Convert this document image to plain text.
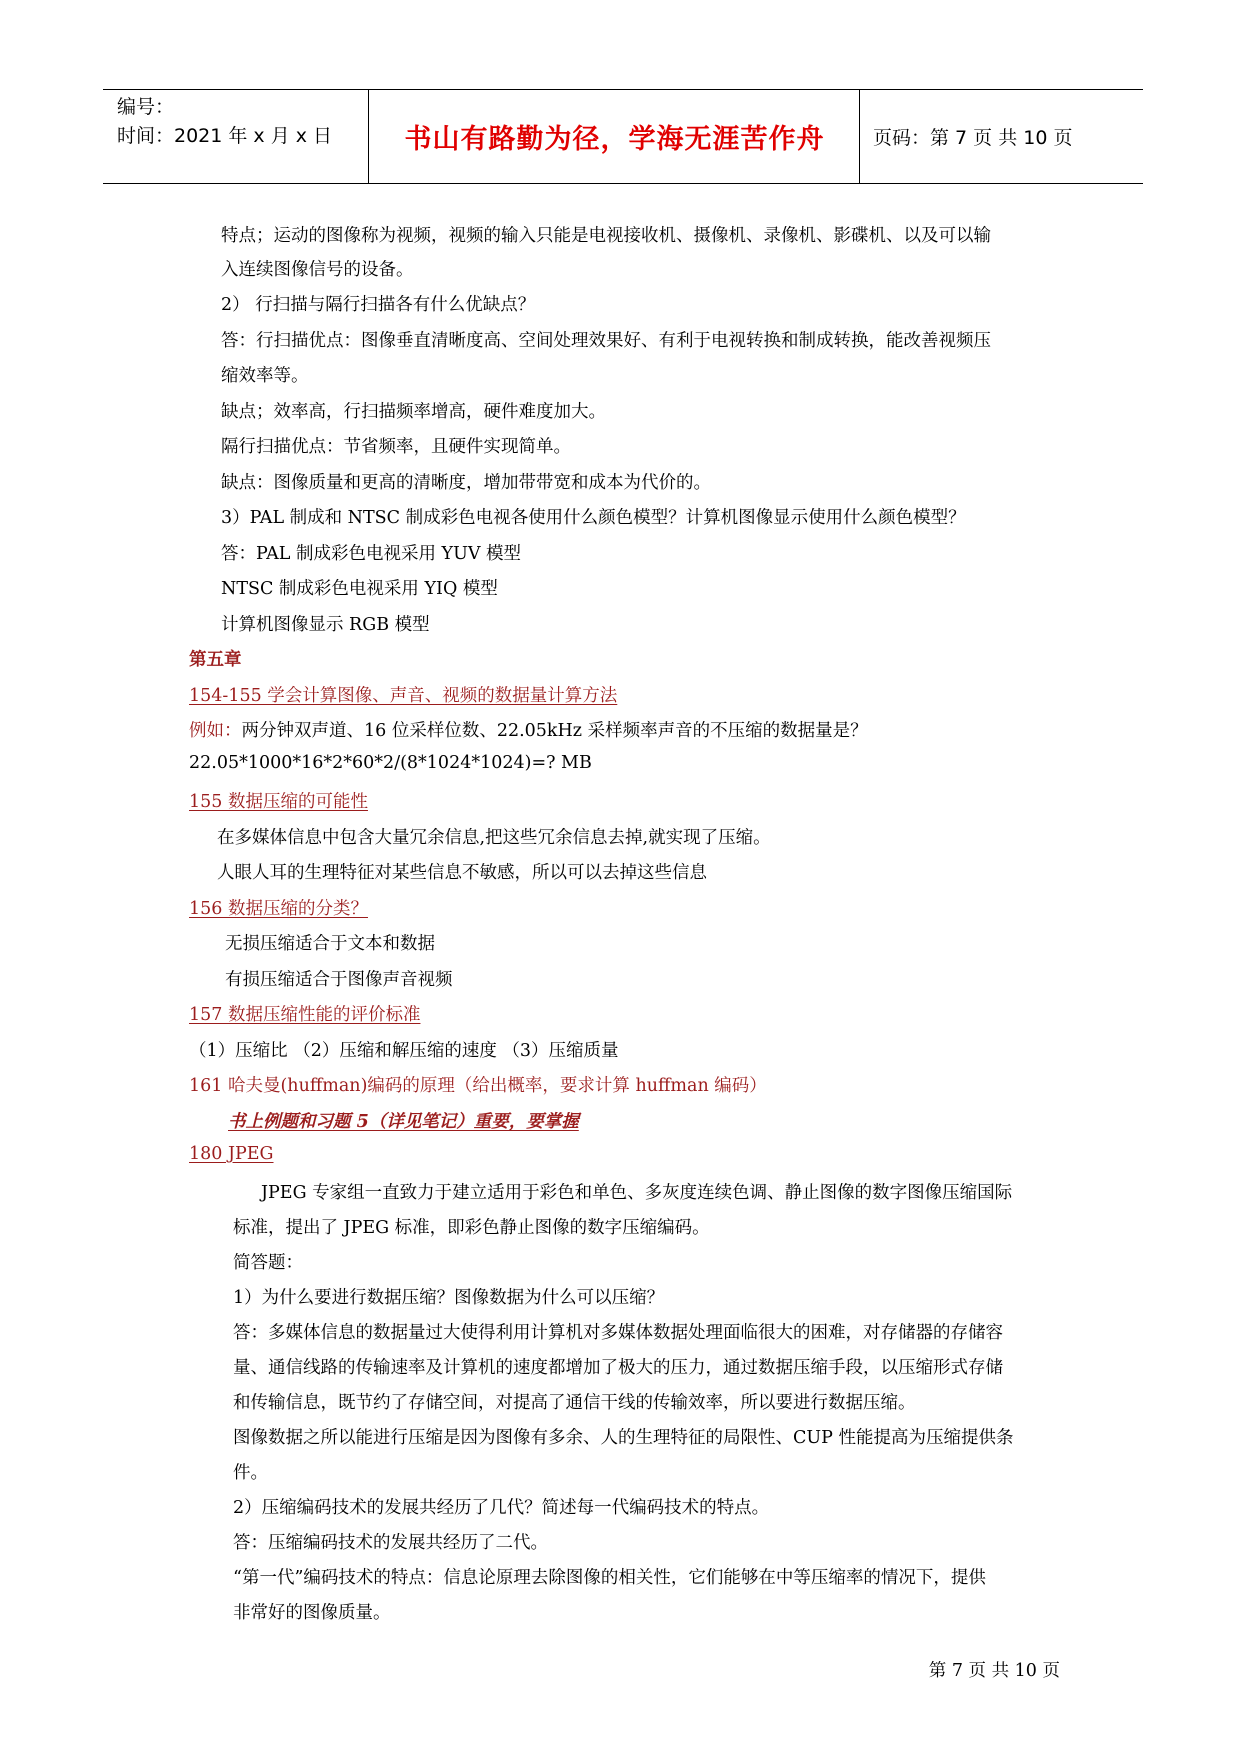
编号：
时间：2021 年 x 月 x 日	书山有路勤为径，学海无涯苦作舟	页码：第 7 页 共 10 页
特点；运动的图像称为视频，视频的输入只能是电视接收机、摄像机、录像机、影碟机、以及可以输
入连续图像信号的设备。
2） 行扫描与隔行扫描各有什么优缺点？
答：行扫描优点：图像垂直清晰度高、空间处理效果好、有利于电视转换和制成转换，能改善视频压
缩效率等。
缺点；效率高，行扫描频率增高，硬件难度加大。
隔行扫描优点：节省频率，且硬件实现简单。
缺点：图像质量和更高的清晰度，增加带带宽和成本为代价的。
3）PAL 制成和 NTSC 制成彩色电视各使用什么颜色模型？计算机图像显示使用什么颜色模型？
答：PAL 制成彩色电视采用 YUV 模型
NTSC 制成彩色电视采用 YIQ 模型
计算机图像显示 RGB 模型
第五章
154-155 学会计算图像、声音、视频的数据量计算方法
例如：两分钟双声道、16 位采样位数、22.05kHz 采样频率声音的不压缩的数据量是？
22.05*1000*16*2*60*2/(8*1024*1024)=? MB
155 数据压缩的可能性
在多媒体信息中包含大量冗余信息,把这些冗余信息去掉,就实现了压缩。
人眼人耳的生理特征对某些信息不敏感，所以可以去掉这些信息
156 数据压缩的分类？
无损压缩适合于文本和数据
有损压缩适合于图像声音视频
157 数据压缩性能的评价标准
（1）压缩比 （2）压缩和解压缩的速度 （3）压缩质量
161 哈夫曼(huffman)编码的原理（给出概率，要求计算 huffman 编码）
书上例题和习题 5（详见笔记）重要，要掌握
180 JPEG
JPEG 专家组一直致力于建立适用于彩色和单色、多灰度连续色调、静止图像的数字图像压缩国际
标准，提出了 JPEG 标准，即彩色静止图像的数字压缩编码。
简答题：
1）为什么要进行数据压缩？图像数据为什么可以压缩？
答：多媒体信息的数据量过大使得利用计算机对多媒体数据处理面临很大的困难，对存储器的存储容
量、通信线路的传输速率及计算机的速度都增加了极大的压力，通过数据压缩手段，以压缩形式存储
和传输信息，既节约了存储空间，对提高了通信干线的传输效率，所以要进行数据压缩。
图像数据之所以能进行压缩是因为图像有多余、人的生理特征的局限性、CUP 性能提高为压缩提供条
件。
2）压缩编码技术的发展共经历了几代？简述每一代编码技术的特点。
答：压缩编码技术的发展共经历了二代。
“第一代”编码技术的特点：信息论原理去除图像的相关性，它们能够在中等压缩率的情况下，提供
非常好的图像质量。
第 7 页 共 10 页
